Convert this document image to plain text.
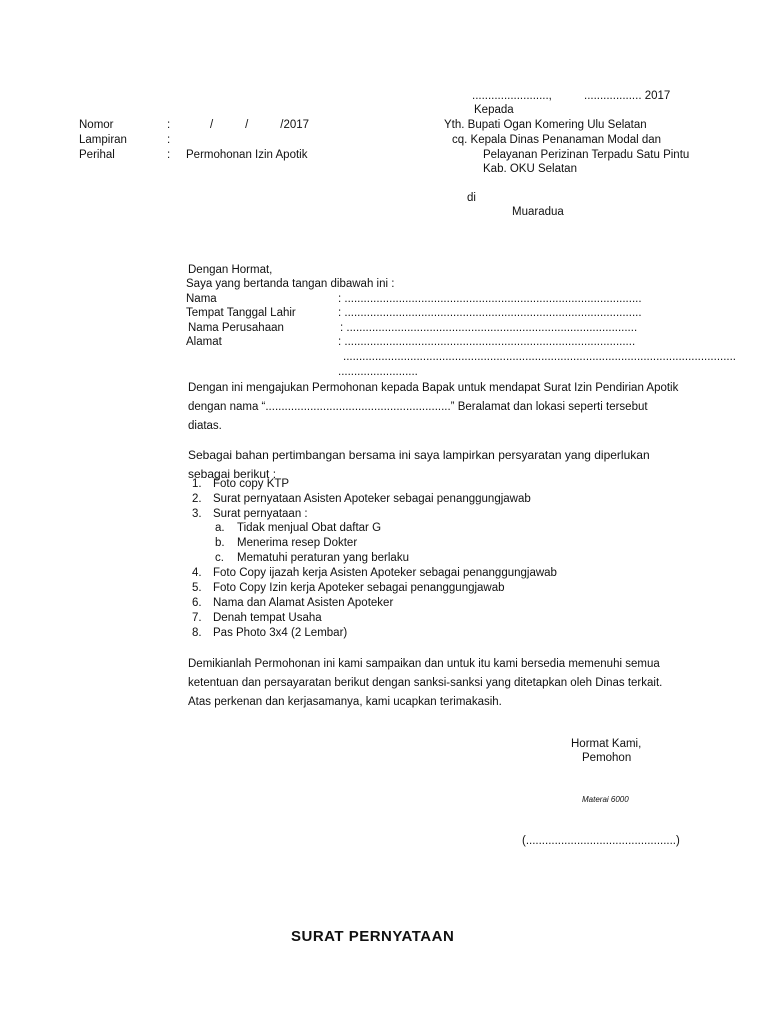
........................,	.................. 2017
Kepada
Yth. Bupati Ogan Komering Ulu Selatan
cq. Kepala Dinas Penanaman Modal dan
Pelayanan Perizinan Terpadu Satu Pintu
Kab. OKU Selatan
di
Muaradua
Nomor	:	/          /          /2017
Lampiran	:
Perihal	: Permohonan Izin Apotik
Dengan Hormat,
Saya yang bertanda tangan dibawah ini :
Nama	: .............................................................................................
Tempat Tanggal Lahir	: .............................................................................................
Nama Perusahaan	: ...........................................................................................
Alamat	: ...........................................................................................
...........................................................................................................................
.........................
Dengan ini mengajukan Permohonan kepada Bapak untuk mendapat Surat Izin Pendirian Apotik dengan nama “..........................................................” Beralamat dan lokasi seperti tersebut diatas.
Sebagai bahan pertimbangan bersama ini saya lampirkan persyaratan yang diperlukan sebagai berikut :
1. Foto copy KTP
2. Surat pernyataan Asisten Apoteker sebagai penanggungjawab
3. Surat pernyataan :
a. Tidak menjual Obat daftar G
b. Menerima resep Dokter
c. Mematuhi peraturan yang berlaku
4. Foto Copy ijazah kerja Asisten Apoteker sebagai penanggungjawab
5. Foto Copy Izin kerja Apoteker sebagai penanggungjawab
6. Nama dan Alamat Asisten Apoteker
7. Denah tempat Usaha
8. Pas Photo 3x4 (2 Lembar)
Demikianlah Permohonan ini kami sampaikan dan untuk itu kami bersedia memenuhi semua ketentuan dan persayaratan berikut dengan sanksi-sanksi yang ditetapkan oleh Dinas terkait. Atas perkenan dan kerjasamanya, kami ucapkan terimakasih.
Hormat Kami,
Pemohon
Materai 6000
(...............................................)
SURAT PERNYATAAN
